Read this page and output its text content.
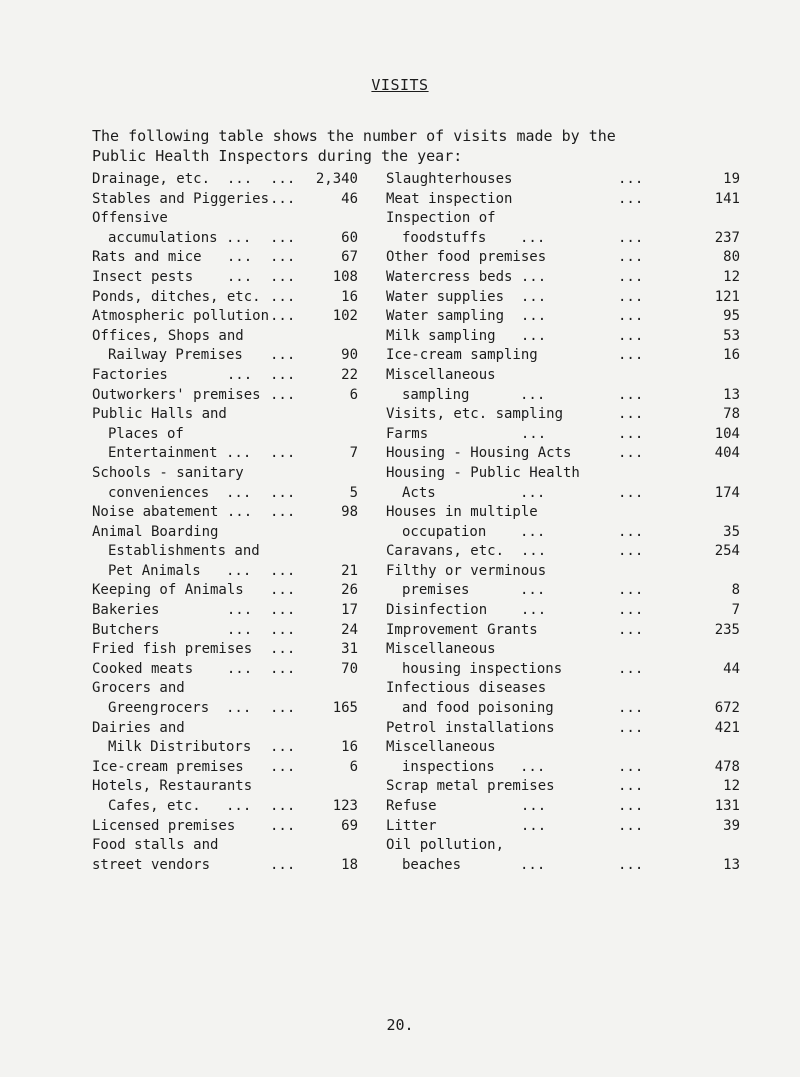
VISITS
The following table shows the number of visits made by the
Public Health Inspectors during the year:
Drainage, etc.  ... ...	2,340
Stables and Piggeries ...	46
Offensive
accumulations ... ...	60
Rats and mice   ... ...	67
Insect pests    ... ...	108
Ponds, ditches, etc. ...	16
Atmospheric pollution ...	102
Offices, Shops and
Railway Premises ...	90
Factories       ... ...	22
Outworkers' premises ...	6
Public Halls and
Places of
Entertainment ... ...	7
Schools - sanitary
conveniences  ... ...	5
Noise abatement ... ...	98
Animal Boarding
Establishments and
Pet Animals   ... ...	21
Keeping of Animals ...	26
Bakeries        ... ...	17
Butchers        ... ...	24
Fried fish premises ...	31
Cooked meats    ... ...	70
Grocers and
Greengrocers  ... ...	165
Dairies and
Milk Distributors ...	16
Ice-cream premises ...	6
Hotels, Restaurants
Cafes, etc.   ... ...	123
Licensed premises ...	69
Food stalls and
street vendors	...	18
Slaughterhouses	...	19
Meat inspection	...	141
Inspection of
foodstuffs    ...	...	237
Other food premises	...	80
Watercress beds ...	...	12
Water supplies  ...	...	121
Water sampling  ...	...	95
Milk sampling   ...	...	53
Ice-cream sampling	...	16
Miscellaneous
sampling      ...	...	13
Visits, etc. sampling	...	78
Farms           ...	...	104
Housing - Housing Acts	...	404
Housing - Public Health
Acts          ...	...	174
Houses in multiple
occupation    ...	...	35
Caravans, etc.  ...	...	254
Filthy or verminous
premises      ...	...	8
Disinfection    ...	...	7
Improvement Grants	...	235
Miscellaneous
housing inspections	...	44
Infectious diseases
and food poisoning	...	672
Petrol installations	...	421
Miscellaneous
inspections   ...	...	478
Scrap metal premises	...	12
Refuse          ...	...	131
Litter          ...	...	39
Oil pollution,
beaches       ...	...	13
20.
